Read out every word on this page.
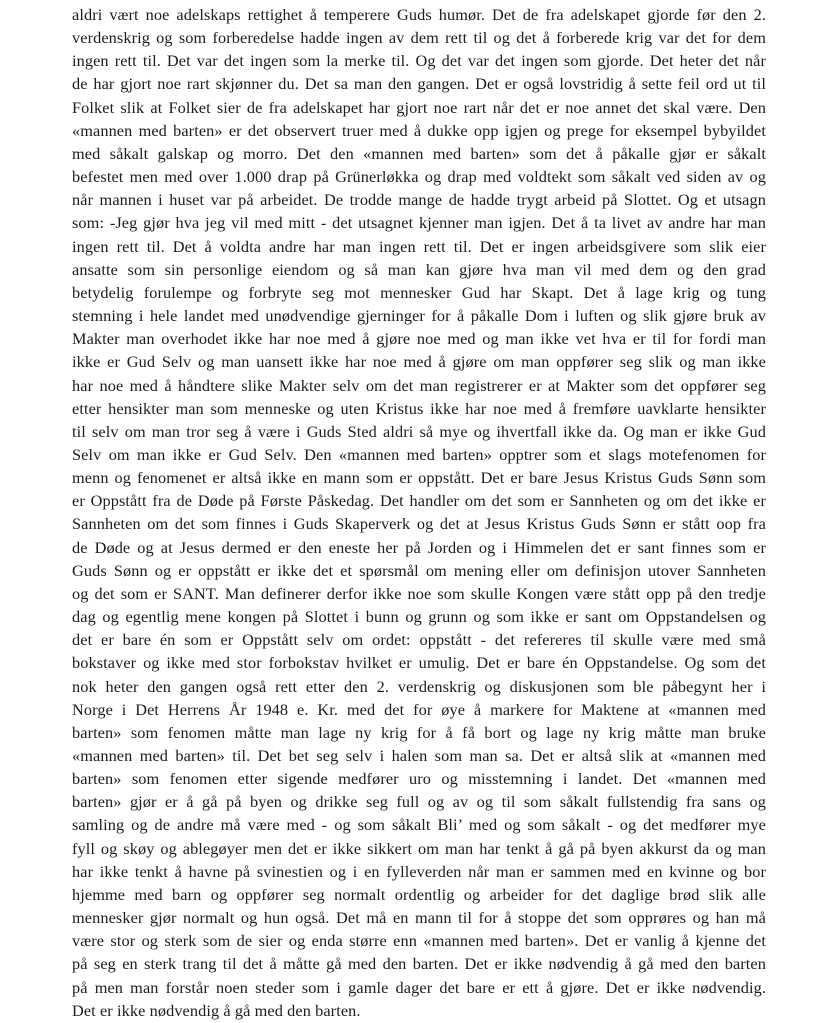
aldri vært noe adelskaps rettighet å temperere Guds humør. Det de fra adelskapet gjorde før den 2.
verdenskrig og som forberedelse hadde ingen av dem rett til og det å forberede krig var det for dem
ingen rett til. Det var det ingen som la merke til. Og det var det ingen som gjorde. Det heter det når
de har gjort noe rart skjønner du. Det sa man den gangen. Det er også lovstridig å sette feil ord ut til
Folket slik at Folket sier de fra adelskapet har gjort noe rart når det er noe annet det skal være. Den
«mannen med barten» er det observert truer med å dukke opp igjen og prege for eksempel bybyildet
med såkalt galskap og morro. Det den «mannen med barten» som det å påkalle gjør er såkalt
befestet men med over 1.000 drap på Grünerløkka og drap med voldtekt som såkalt ved siden av og
når mannen i huset var på arbeidet. De trodde mange de hadde trygt arbeid på Slottet. Og et utsagn
som: -Jeg gjør hva jeg vil med mitt - det utsagnet kjenner man igjen. Det å ta livet av andre har man
ingen rett til. Det å voldta andre har man ingen rett til. Det er ingen arbeidsgivere som slik eier
ansatte som sin personlige eiendom og så man kan gjøre hva man vil med dem og den grad
betydelig forulempe og forbryte seg mot mennesker Gud har Skapt. Det å lage krig og tung
stemning i hele landet med unødvendige gjerninger for å påkalle Dom i luften og slik gjøre bruk av
Makter man overhodet ikke har noe med å gjøre noe med og man ikke vet hva er til for fordi man
ikke er Gud Selv og man uansett ikke har noe med å gjøre om man oppfører seg slik og man ikke
har noe med å håndtere slike Makter selv om det man registrerer er at Makter som det oppfører seg
etter hensikter man som menneske og uten Kristus ikke har noe med å fremføre uavklarte hensikter
til selv om man tror seg å være i Guds Sted aldri så mye og ihvertfall ikke da. Og man er ikke Gud
Selv om man ikke er Gud Selv. Den «mannen med barten» opptrer som et slags motefenomen for
menn og fenomenet er altså ikke en mann som er oppstått. Det er bare Jesus Kristus Guds Sønn som
er Oppstått fra de Døde på Første Påskedag. Det handler om det som er Sannheten og om det ikke er
Sannheten om det som finnes i Guds Skaperverk og det at Jesus Kristus Guds Sønn er stått oop fra
de Døde og at Jesus dermed er den eneste her på Jorden og i Himmelen det er sant finnes som er
Guds Sønn og er oppstått er ikke det et spørsmål om mening eller om definisjon utover Sannheten
og det som er SANT. Man definerer derfor ikke noe som skulle Kongen være stått opp på den tredje
dag og egentlig mene kongen på Slottet i bunn og grunn og som ikke er sant om Oppstandelsen og
det er bare én som er Oppstått selv om ordet: oppstått - det refereres til skulle være med små
bokstaver og ikke med stor forbokstav hvilket er umulig. Det er bare én Oppstandelse. Og som det
nok heter den gangen også rett etter den 2. verdenskrig og diskusjonen som ble påbegynt her i
Norge i Det Herrens År 1948 e. Kr. med det for øye å markere for Maktene at «mannen med
barten» som fenomen måtte man lage ny krig for å få bort og lage ny krig måtte man bruke
«mannen med barten» til. Det bet seg selv i halen som man sa. Det er altså slik at «mannen med
barten» som fenomen etter sigende medfører uro og misstemning i landet. Det «mannen med
barten» gjør er å gå på byen og drikke seg full og av og til som såkalt fullstendig fra sans og
samling og de andre må være med - og som såkalt Bli’ med og som såkalt - og det medfører mye
fyll og skøy og ablegøyer men det er ikke sikkert om man har tenkt å gå på byen akkurst da og man
har ikke tenkt å havne på svinestien og i en fylleverden når man er sammen med en kvinne og bor
hjemme med barn og oppfører seg normalt ordentlig og arbeider for det daglige brød slik alle
mennesker gjør normalt og hun også. Det må en mann til for å stoppe det som opprøres og han må
være stor og sterk som de sier og enda større enn «mannen med barten». Det er vanlig å kjenne det
på seg en sterk trang til det å måtte gå med den barten. Det er ikke nødvendig å gå med den barten
på men man forstår noen steder som i gamle dager det bare er ett å gjøre. Det er ikke nødvendig.
Det er ikke nødvendig å gå med den barten.
